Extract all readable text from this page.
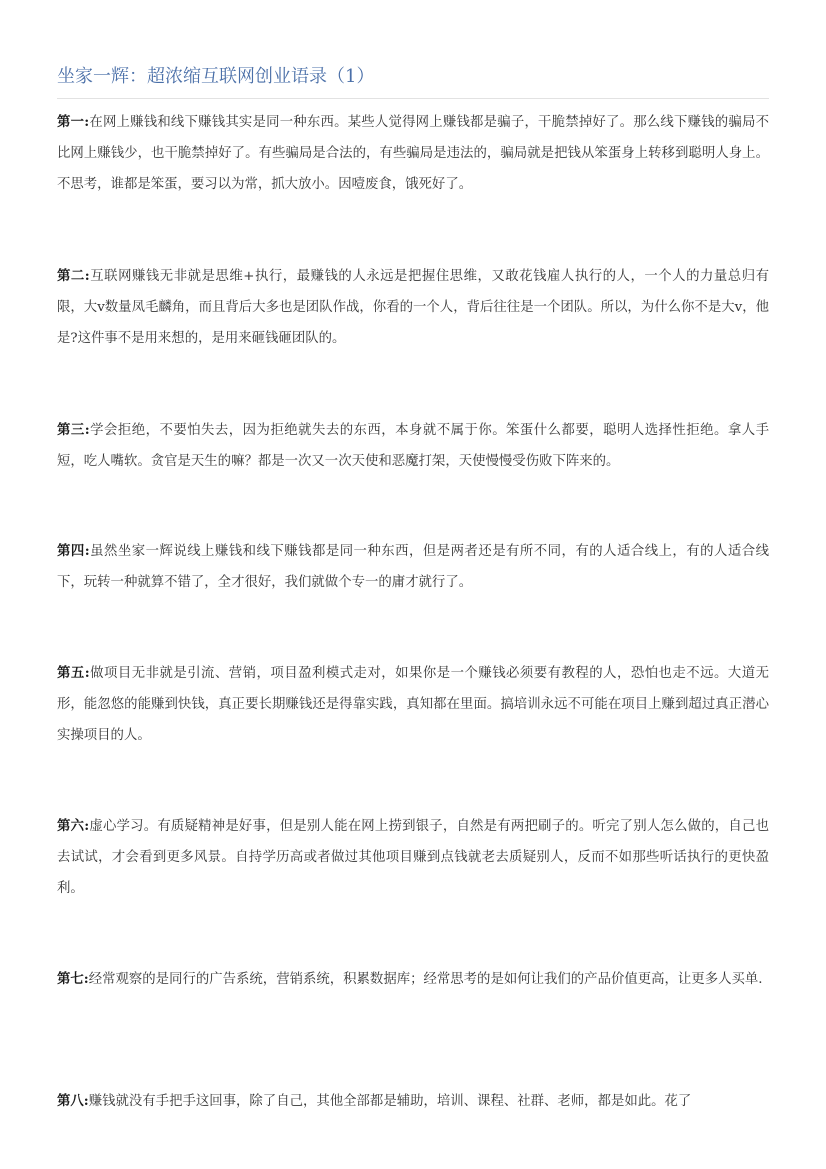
坐家一辉：超浓缩互联网创业语录（1）

第一:在网上赚钱和线下赚钱其实是同一种东西。某些人觉得网上赚钱都是骗子，干脆禁掉好了。那么线下赚钱的骗局不比网上赚钱少，也干脆禁掉好了。有些骗局是合法的，有些骗局是违法的，骗局就是把钱从笨蛋身上转移到聪明人身上。不思考，谁都是笨蛋，要习以为常，抓大放小。因噎废食，饿死好了。

第二:互联网赚钱无非就是思维+执行，最赚钱的人永远是把握住思维，又敢花钱雇人执行的人，一个人的力量总归有限，大v数量凤毛麟角，而且背后大多也是团队作战，你看的一个人，背后往往是一个团队。所以，为什么你不是大v，他是?这件事不是用来想的，是用来砸钱砸团队的。

第三:学会拒绝，不要怕失去，因为拒绝就失去的东西，本身就不属于你。笨蛋什么都要，聪明人选择性拒绝。拿人手短，吃人嘴软。贪官是天生的嘛？都是一次又一次天使和恶魔打架，天使慢慢受伤败下阵来的。

第四:虽然坐家一辉说线上赚钱和线下赚钱都是同一种东西，但是两者还是有所不同，有的人适合线上，有的人适合线下，玩转一种就算不错了，全才很好，我们就做个专一的庸才就行了。

第五:做项目无非就是引流、营销，项目盈利模式走对，如果你是一个赚钱必须要有教程的人，恐怕也走不远。大道无形，能忽悠的能赚到快钱，真正要长期赚钱还是得靠实践，真知都在里面。搞培训永远不可能在项目上赚到超过真正潜心实操项目的人。

第六:虚心学习。有质疑精神是好事，但是别人能在网上捞到银子，自然是有两把刷子的。听完了别人怎么做的，自己也去试试，才会看到更多风景。自持学历高或者做过其他项目赚到点钱就老去质疑别人，反而不如那些听话执行的更快盈利。

第七:经常观察的是同行的广告系统，营销系统，积累数据库；经常思考的是如何让我们的产品价值更高，让更多人买单.

第八:赚钱就没有手把手这回事，除了自己，其他全部都是辅助，培训、课程、社群、老师，都是如此。花了
